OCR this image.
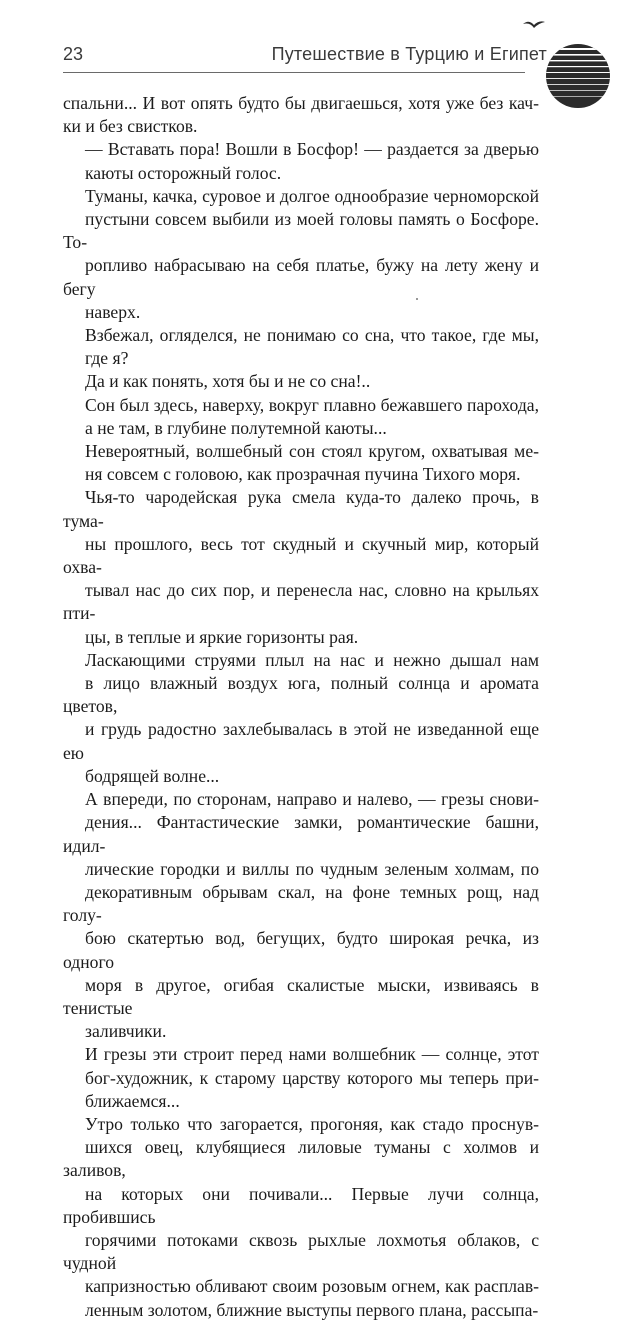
23	Путешествие в Турцию и Египет

спальни... И вот опять будто бы двигаешься, хотя уже без кач-
ки и без свистков.

— Вставать пора! Вошли в Босфор! — раздается за дверью
каюты осторожный голос.

Туманы, качка, суровое и долгое однообразие черноморской
пустыни совсем выбили из моей головы память о Босфоре. То-
ропливо набрасываю на себя платье, бужу на лету жену и бегу
наверх.

Взбежал, огляделся, не понимаю со сна, что такое, где мы,
где я?

Да и как понять, хотя бы и не со сна!..

Сон был здесь, наверху, вокруг плавно бежавшего парохода,
а не там, в глубине полутемной каюты...

Невероятный, волшебный сон стоял кругом, охватывая ме-
ня совсем с головою, как прозрачная пучина Тихого моря.

Чья-то чародейская рука смела куда-то далеко прочь, в тума-
ны прошлого, весь тот скудный и скучный мир, который охва-
тывал нас до сих пор, и перенесла нас, словно на крыльях пти-
цы, в теплые и яркие горизонты рая.

Ласкающими струями плыл на нас и нежно дышал нам
в лицо влажный воздух юга, полный солнца и аромата цветов,
и грудь радостно захлебывалась в этой не изведанной еще ею
бодрящей волне...

А впереди, по сторонам, направо и налево, — грезы снови-
дения... Фантастические замки, романтические башни, идил-
лические городки и виллы по чудным зеленым холмам, по
декоративным обрывам скал, на фоне темных рощ, над голу-
бою скатертью вод, бегущих, будто широкая речка, из одного
моря в другое, огибая скалистые мыски, извиваясь в тенистые
заливчики.

И грезы эти строит перед нами волшебник — солнце, этот
бог-художник, к старому царству которого мы теперь при-
ближаемся...

Утро только что загорается, прогоняя, как стадо проснув-
шихся овец, клубящиеся лиловые туманы с холмов и заливов,
на которых они почивали... Первые лучи солнца, пробившись
горячими потоками сквозь рыхлые лохмотья облаков, с чудной
капризностью обливают своим розовым огнем, как расплав-
ленным золотом, ближние выступы первого плана, рассыпа-
